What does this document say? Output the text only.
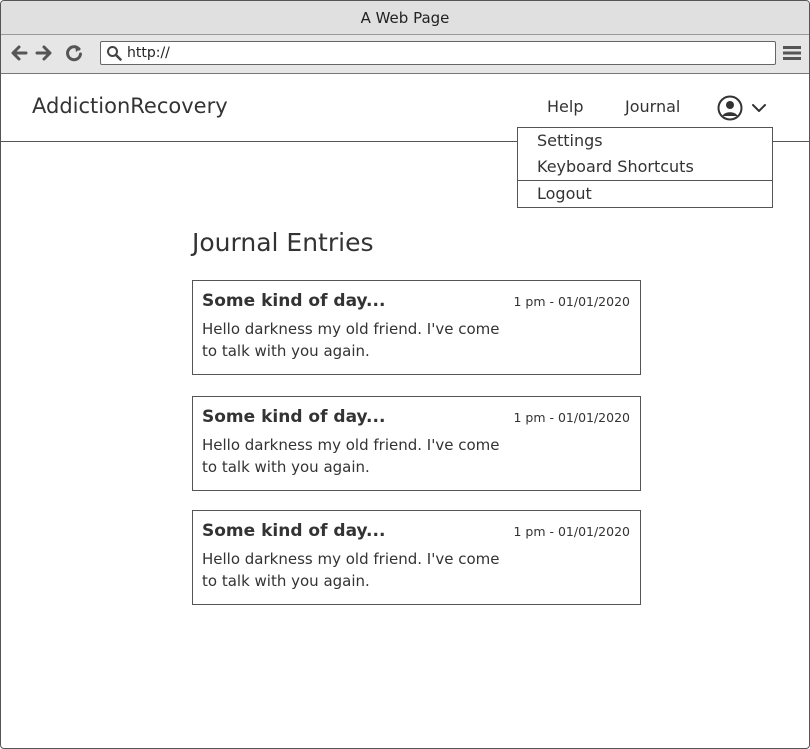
A Web Page
http://
AddictionRecovery	Help	Journal
Settings
Keyboard Shortcuts
Logout
Journal Entries
Some kind of day...	1 pm - 01/01/2020
Hello darkness my old friend. I've come
to talk with you again.
Some kind of day...	1 pm - 01/01/2020
Hello darkness my old friend. I've come
to talk with you again.
Some kind of day...	1 pm - 01/01/2020
Hello darkness my old friend. I've come
to talk with you again.
